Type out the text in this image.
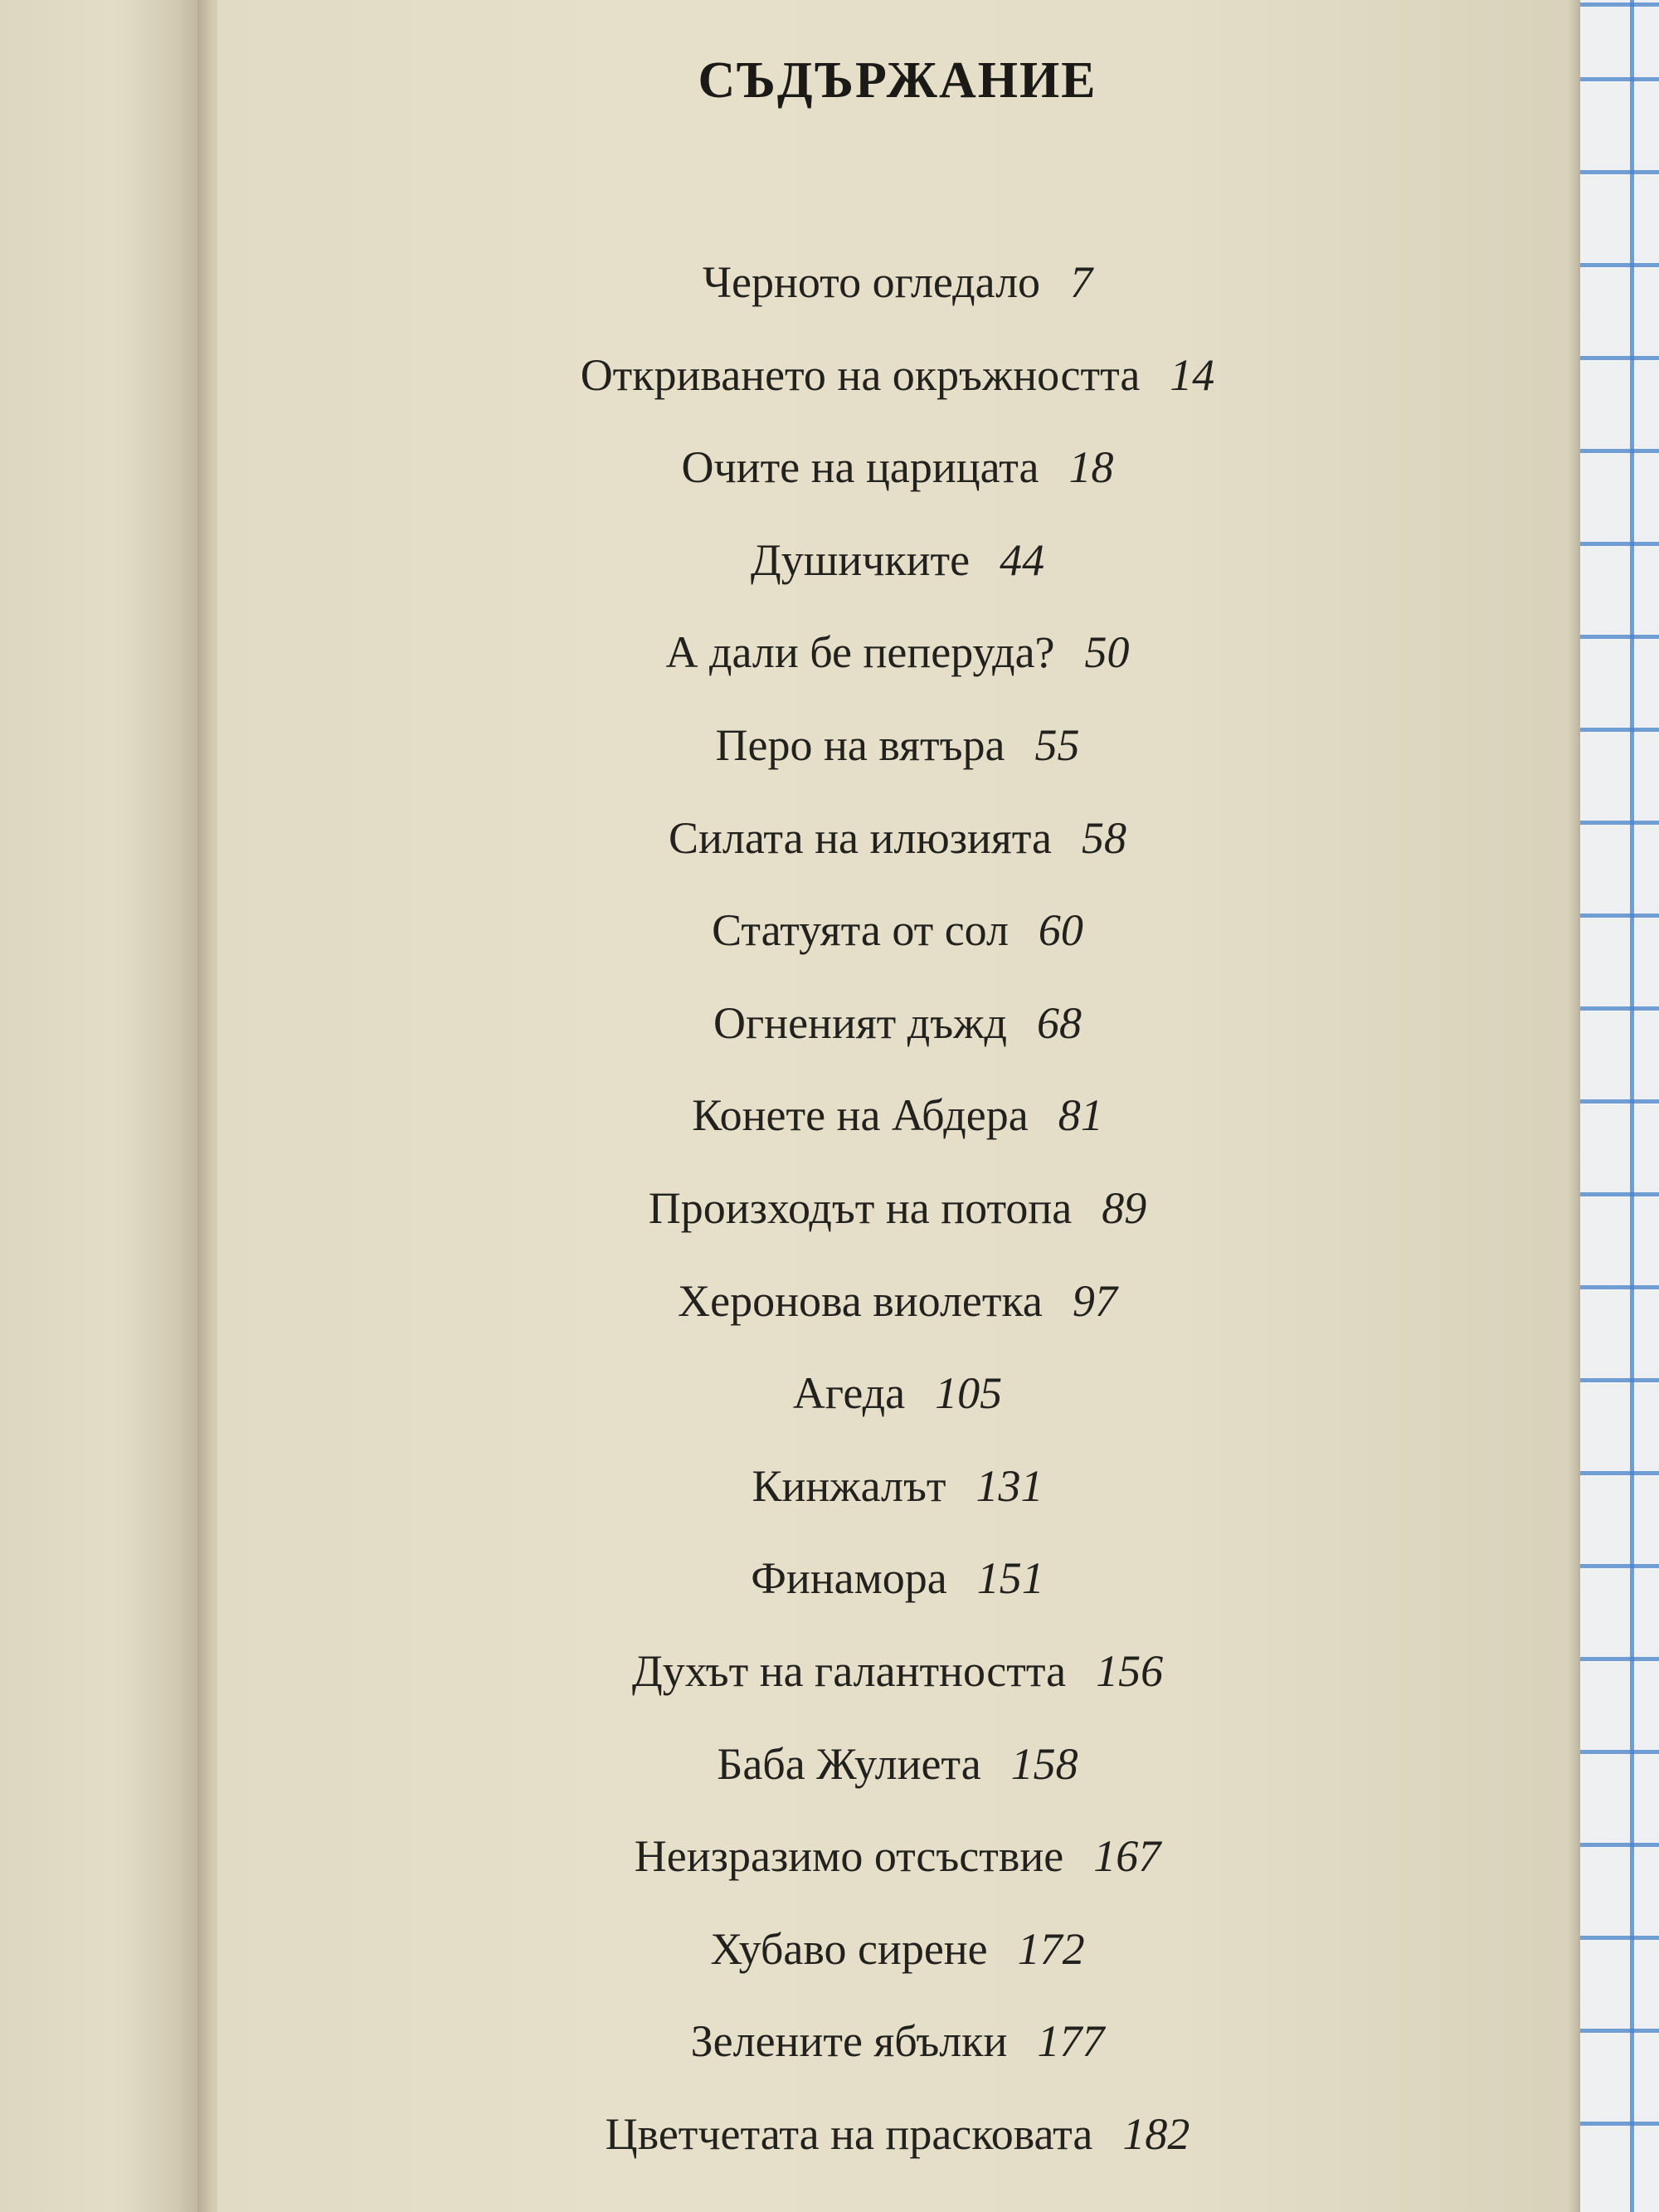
СЪДЪРЖАНИЕ
Черното огледало 7
Откриването на окръжността 14
Очите на царицата 18
Душичките 44
А дали бе пеперуда? 50
Перо на вятъра 55
Силата на илюзията 58
Статуята от сол 60
Огненият дъжд 68
Конете на Абдера 81
Произходът на потопа 89
Херонова виолетка 97
Агеда 105
Кинжалът 131
Финамора 151
Духът на галантността 156
Баба Жулиета 158
Неизразимо отсъствие 167
Хубаво сирене 172
Зелените ябълки 177
Цветчетата на прасковата 182
